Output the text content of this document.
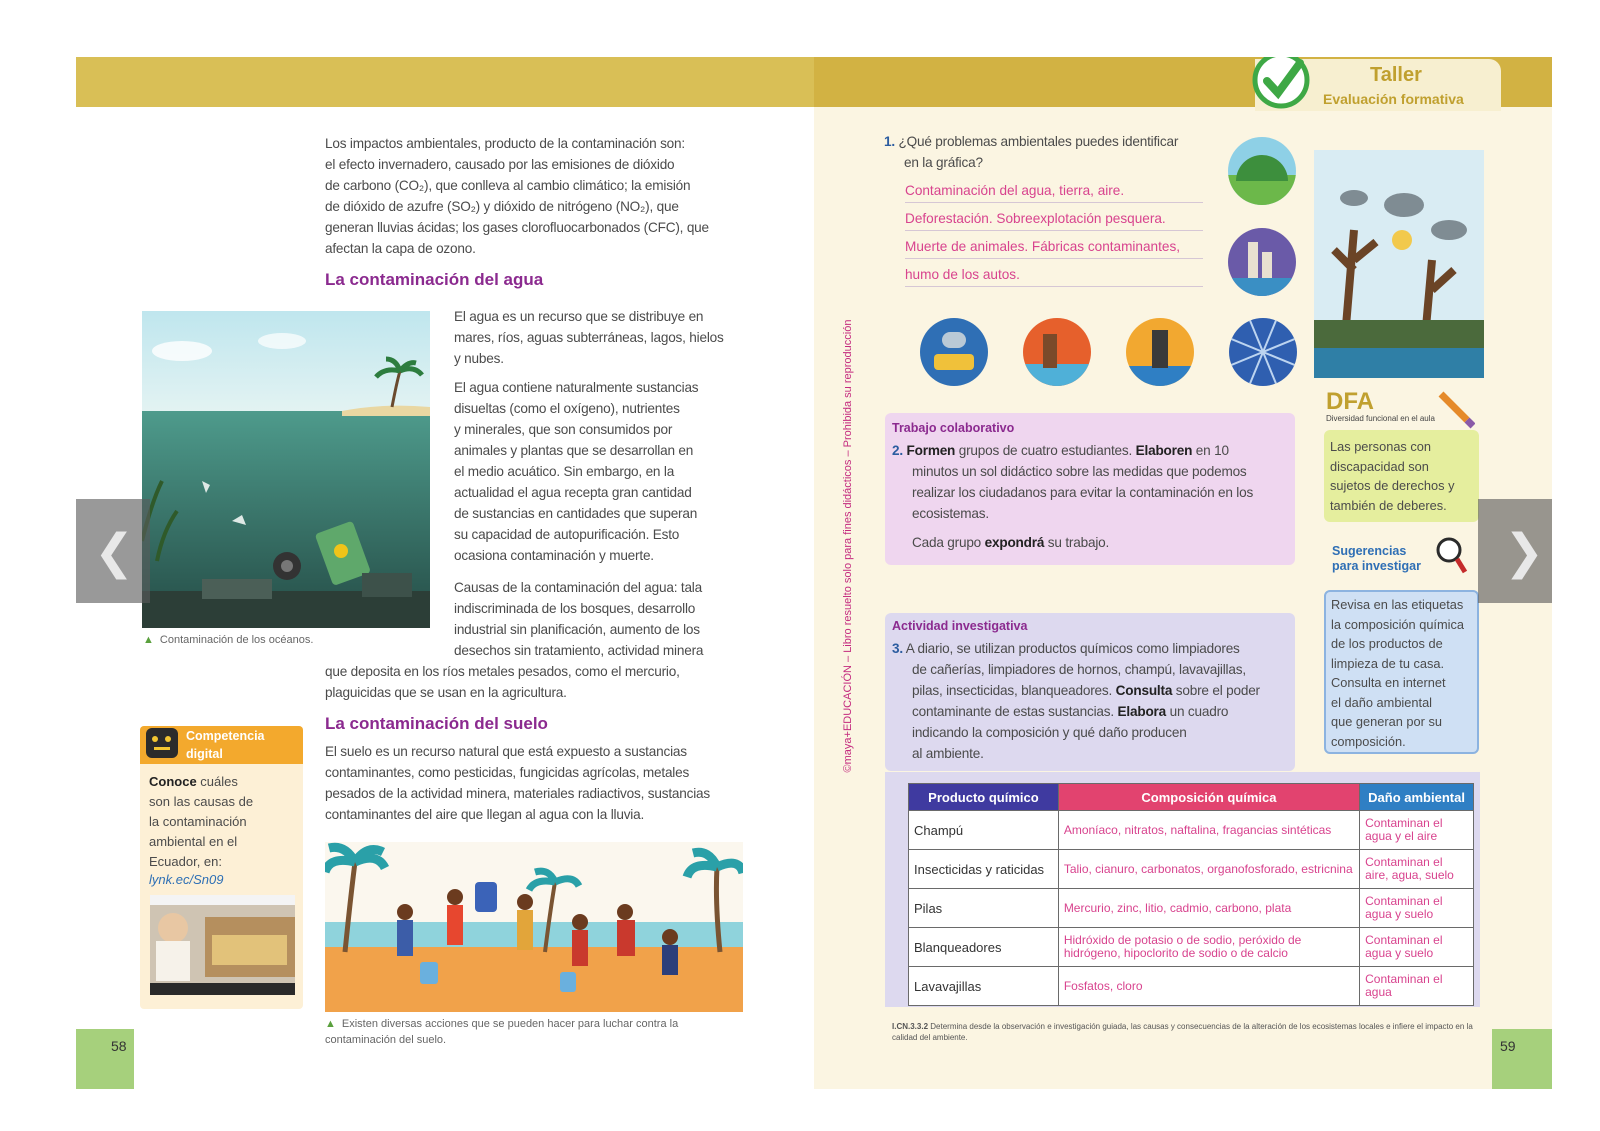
Los impactos ambientales, producto de la contaminación son:
el efecto invernadero, causado por las emisiones de dióxido
de carbono (CO₂), que conlleva al cambio climático; la emisión
de dióxido de azufre (SO₂) y dióxido de nitrógeno (NO₂), que
generan lluvias ácidas; los gases clorofluocarbonados (CFC), que
afectan la capa de ozono.
La contaminación del agua
▲ Contaminación de los océanos.
El agua es un recurso que se distribuye en
mares, ríos, aguas subterráneas, lagos, hielos
y nubes.
El agua contiene naturalmente sustancias
disueltas (como el oxígeno), nutrientes
y minerales, que son consumidos por
animales y plantas que se desarrollan en
el medio acuático. Sin embargo, en la
actualidad el agua recepta gran cantidad
de sustancias en cantidades que superan
su capacidad de autopurificación. Esto
ocasiona contaminación y muerte.
Causas de la contaminación del agua: tala
indiscriminada de los bosques, desarrollo
industrial sin planificación, aumento de los
desechos sin tratamiento, actividad minera
que deposita en los ríos metales pesados, como el mercurio,
plaguicidas que se usan en la agricultura.
Competencia
digital
Conoce cuáles
son las causas de
la contaminación
ambiental en el
Ecuador, en:
lynk.ec/Sn09
La contaminación del suelo
El suelo es un recurso natural que está expuesto a sustancias
contaminantes, como pesticidas, fungicidas agrícolas, metales
pesados de la actividad minera, materiales radiactivos, sustancias
contaminantes del aire que llegan al agua con la lluvia.
▲ Existen diversas acciones que se pueden hacer para luchar contra la
contaminación del suelo.
58
Taller
Evaluación formativa
©maya+EDUCACIÓN – Libro resuelto solo para fines didácticos – Prohibida su reproducción
1. ¿Qué problemas ambientales puedes identificar
en la gráfica?
Contaminación del agua, tierra, aire.
Deforestación. Sobreexplotación pesquera.
Muerte de animales. Fábricas contaminantes,
humo de los autos.
DFA
Diversidad funcional en el aula
Las personas con
discapacidad son
sujetos de derechos y
también de deberes.
Sugerencias
para investigar
Revisa en las etiquetas
la composición química
de los productos de
limpieza de tu casa.
Consulta en internet
el daño ambiental
que generan por su
composición.
Trabajo colaborativo
2. Formen grupos de cuatro estudiantes. Elaboren en 10
minutos un sol didáctico sobre las medidas que podemos
realizar los ciudadanos para evitar la contaminación en los
ecosistemas.
Cada grupo expondrá su trabajo.
Actividad investigativa
3. A diario, se utilizan productos químicos como limpiadores
de cañerías, limpiadores de hornos, champú, lavavajillas,
pilas, insecticidas, blanqueadores. Consulta sobre el poder
contaminante de estas sustancias. Elabora un cuadro
indicando la composición y qué daño producen
al ambiente.
Producto químico	Composición química	Daño ambiental
Champú	Amoníaco, nitratos, naftalina, fragancias sintéticas	Contaminan el agua y el aire
Insecticidas y raticidas	Talio, cianuro, carbonatos, organofosforado, estricnina	Contaminan el aire, agua, suelo
Pilas	Mercurio, zinc, litio, cadmio, carbono, plata	Contaminan el agua y suelo
Blanqueadores	Hidróxido de potasio o de sodio, peróxido de hidrógeno, hipoclorito de sodio o de calcio	Contaminan el agua y suelo
Lavavajillas	Fosfatos, cloro	Contaminan el agua
I.CN.3.3.2 Determina desde la observación e investigación guiada, las causas y consecuencias de la alteración de los ecosistemas locales e infiere el impacto en la
calidad del ambiente.
59
❮	❯
